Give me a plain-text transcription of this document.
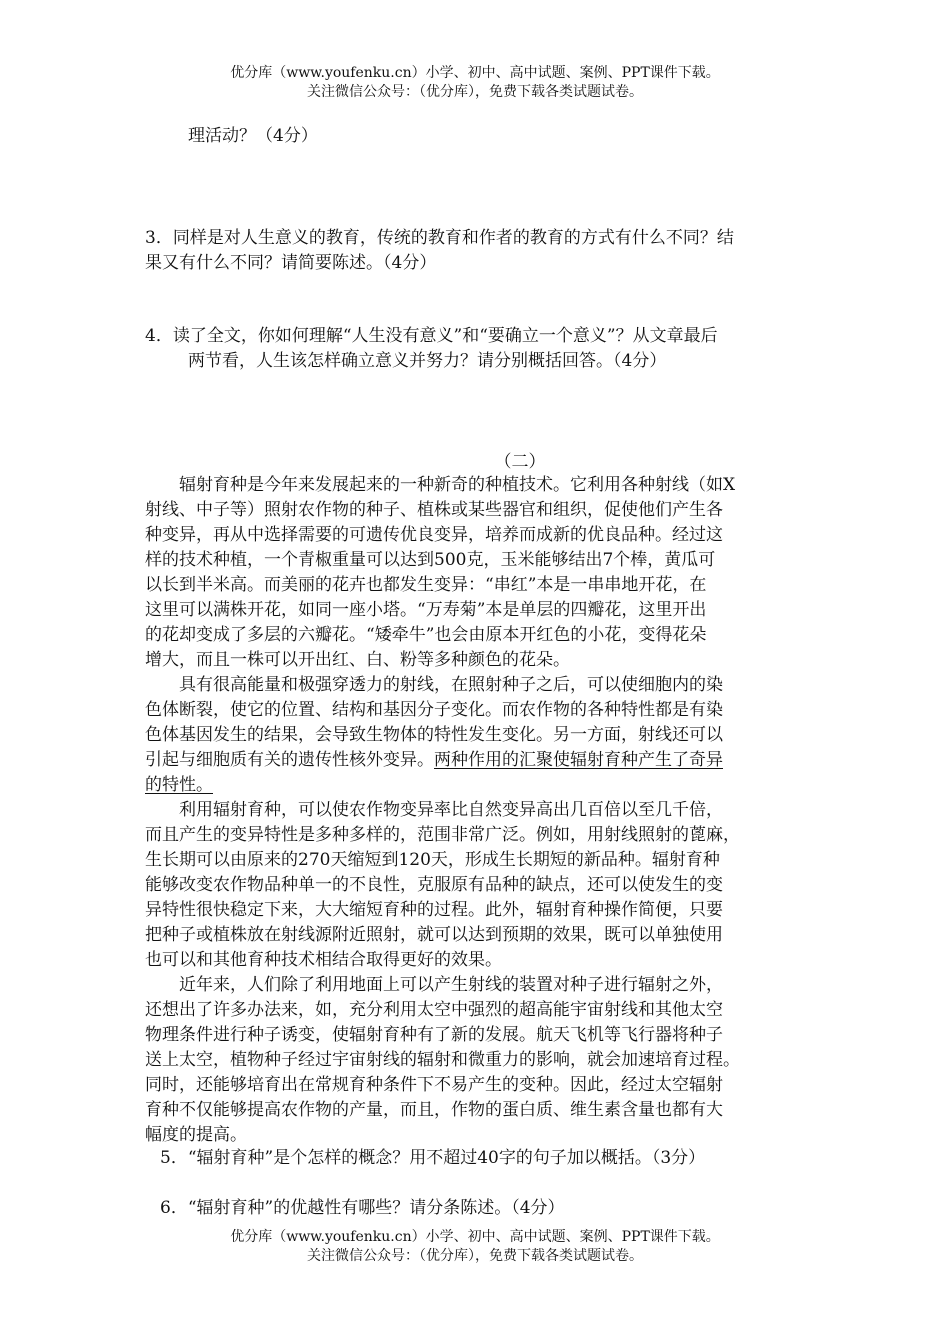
优分库（www.youfenku.cn）小学、初中、高中试题、案例、PPT课件下载。
关注微信公众号：（优分库），免费下载各类试题试卷。
理活动？（4分）
3．同样是对人生意义的教育，传统的教育和作者的教育的方式有什么不同？结
果又有什么不同？请简要陈述。（4分）
4．读了全文，你如何理解“人生没有意义”和“要确立一个意义”？从文章最后
两节看，人生该怎样确立意义并努力？请分别概括回答。（4分）
（二）
辐射育种是今年来发展起来的一种新奇的种植技术。它利用各种射线（如X
射线、中子等）照射农作物的种子、植株或某些器官和组织，促使他们产生各
种变异，再从中选择需要的可遗传优良变异，培养而成新的优良品种。经过这
样的技术种植，一个青椒重量可以达到500克，玉米能够结出7个棒，黄瓜可
以长到半米高。而美丽的花卉也都发生变异：“串红”本是一串串地开花，在
这里可以满株开花，如同一座小塔。“万寿菊”本是单层的四瓣花，这里开出
的花却变成了多层的六瓣花。“矮牵牛”也会由原本开红色的小花，变得花朵
增大，而且一株可以开出红、白、粉等多种颜色的花朵。
具有很高能量和极强穿透力的射线，在照射种子之后，可以使细胞内的染
色体断裂，使它的位置、结构和基因分子变化。而农作物的各种特性都是有染
色体基因发生的结果，会导致生物体的特性发生变化。另一方面，射线还可以
引起与细胞质有关的遗传性核外变异。两种作用的汇聚使辐射育种产生了奇异
的特性。
利用辐射育种，可以使农作物变异率比自然变异高出几百倍以至几千倍，
而且产生的变异特性是多种多样的，范围非常广泛。例如，用射线照射的蓖麻，
生长期可以由原来的270天缩短到120天，形成生长期短的新品种。辐射育种
能够改变农作物品种单一的不良性，克服原有品种的缺点，还可以使发生的变
异特性很快稳定下来，大大缩短育种的过程。此外，辐射育种操作简便，只要
把种子或植株放在射线源附近照射，就可以达到预期的效果，既可以单独使用
也可以和其他育种技术相结合取得更好的效果。
近年来，人们除了利用地面上可以产生射线的装置对种子进行辐射之外，
还想出了许多办法来，如，充分利用太空中强烈的超高能宇宙射线和其他太空
物理条件进行种子诱变，使辐射育种有了新的发展。航天飞机等飞行器将种子
送上太空，植物种子经过宇宙射线的辐射和微重力的影响，就会加速培育过程。
同时，还能够培育出在常规育种条件下不易产生的变种。因此，经过太空辐射
育种不仅能够提高农作物的产量，而且，作物的蛋白质、维生素含量也都有大
幅度的提高。
5．“辐射育种”是个怎样的概念？用不超过40字的句子加以概括。（3分）
6．“辐射育种”的优越性有哪些？请分条陈述。（4分）
优分库（www.youfenku.cn）小学、初中、高中试题、案例、PPT课件下载。
关注微信公众号：（优分库），免费下载各类试题试卷。
